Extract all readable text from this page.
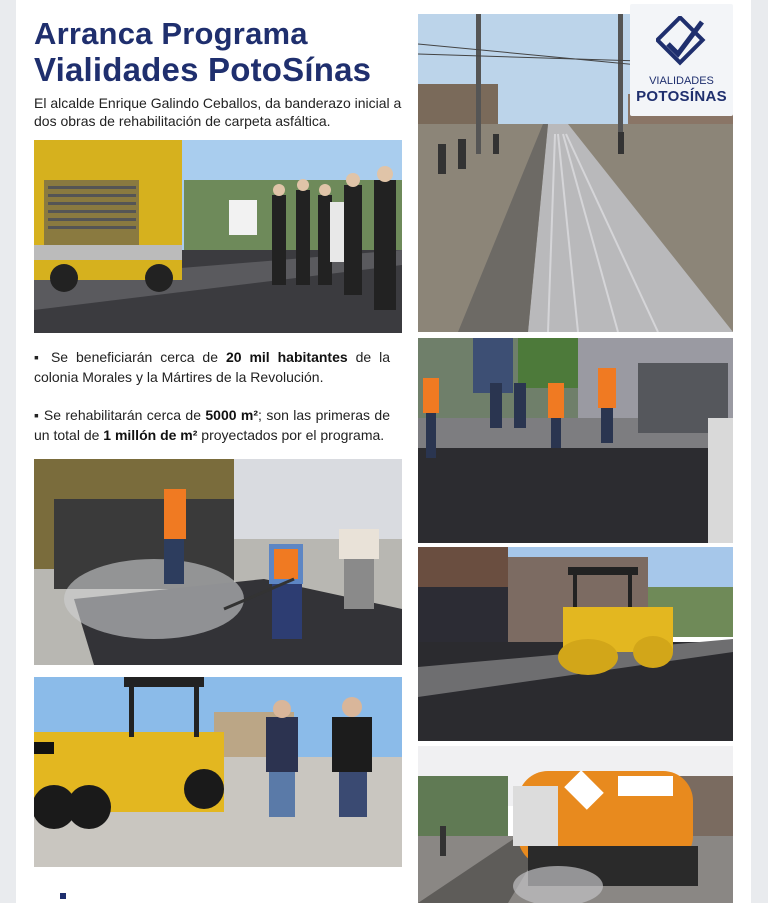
Arranca Programa
Vialidades PotoSínas
El alcalde Enrique Galindo Ceballos, da banderazo inicial a dos obras de rehabilitación de carpeta asfáltica.
VIALIDADES
POTOSÍNAS

▪ Se beneficiarán cerca de 20 mil habitantes de la colonia Morales y la Mártires de la Revolución.

▪ Se rehabilitarán cerca de 5000 m²; son las primeras de un total de 1 millón de m² proyectados por el programa.
